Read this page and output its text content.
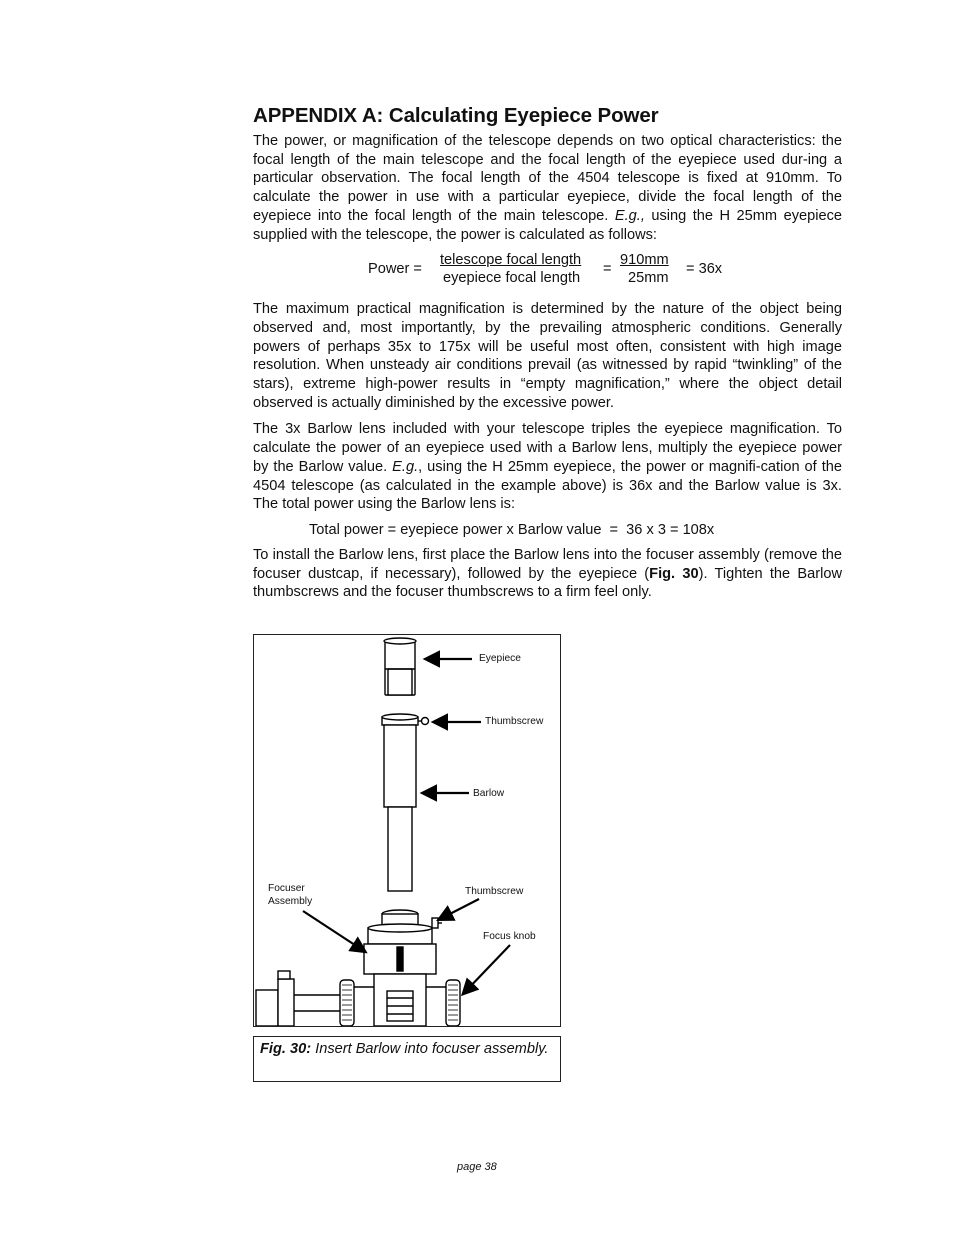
APPENDIX A: Calculating Eyepiece Power

The power, or magnification of the telescope depends on two optical characteristics: the focal length of the main telescope and the focal length of the eyepiece used dur-ing a particular observation. The focal length of the 4504 telescope is fixed at 910mm. To calculate the power in use with a particular eyepiece, divide the focal length of the eyepiece into the focal length of the main telescope. E.g., using the H 25mm eyepiece supplied with the telescope, the power is calculated as follows:

Power =
telescope focal length
eyepiece focal length
=
910mm
25mm
= 36x

The maximum practical magnification is determined by the nature of the object being observed and, most importantly, by the prevailing atmospheric conditions. Generally powers of perhaps 35x to 175x will be useful most often, consistent with high image resolution. When unsteady air conditions prevail (as witnessed by rapid “twinkling” of the stars), extreme high-power results in “empty magnification,” where the object detail observed is actually diminished by the excessive power.

The 3x Barlow lens included with your telescope triples the eyepiece magnification. To calculate the power of an eyepiece used with a Barlow lens, multiply the eyepiece power by the Barlow value. E.g., using the H 25mm eyepiece, the power or magnifi-cation of the 4504 telescope (as calculated in the example above) is 36x and the Barlow value is 3x. The total power using the Barlow lens is:

Total power = eyepiece power x Barlow value  =  36 x 3 = 108x

To install the Barlow lens, first place the Barlow lens into the focuser assembly (remove the focuser dustcap, if necessary), followed by the eyepiece (Fig. 30). Tighten the Barlow thumbscrews and the focuser thumbscrews to a firm feel only.

Eyepiece
Thumbscrew
Barlow
Focuser
Assembly
Thumbscrew
Focus knob
Fig. 30: Insert Barlow into focuser assembly.
page 38
